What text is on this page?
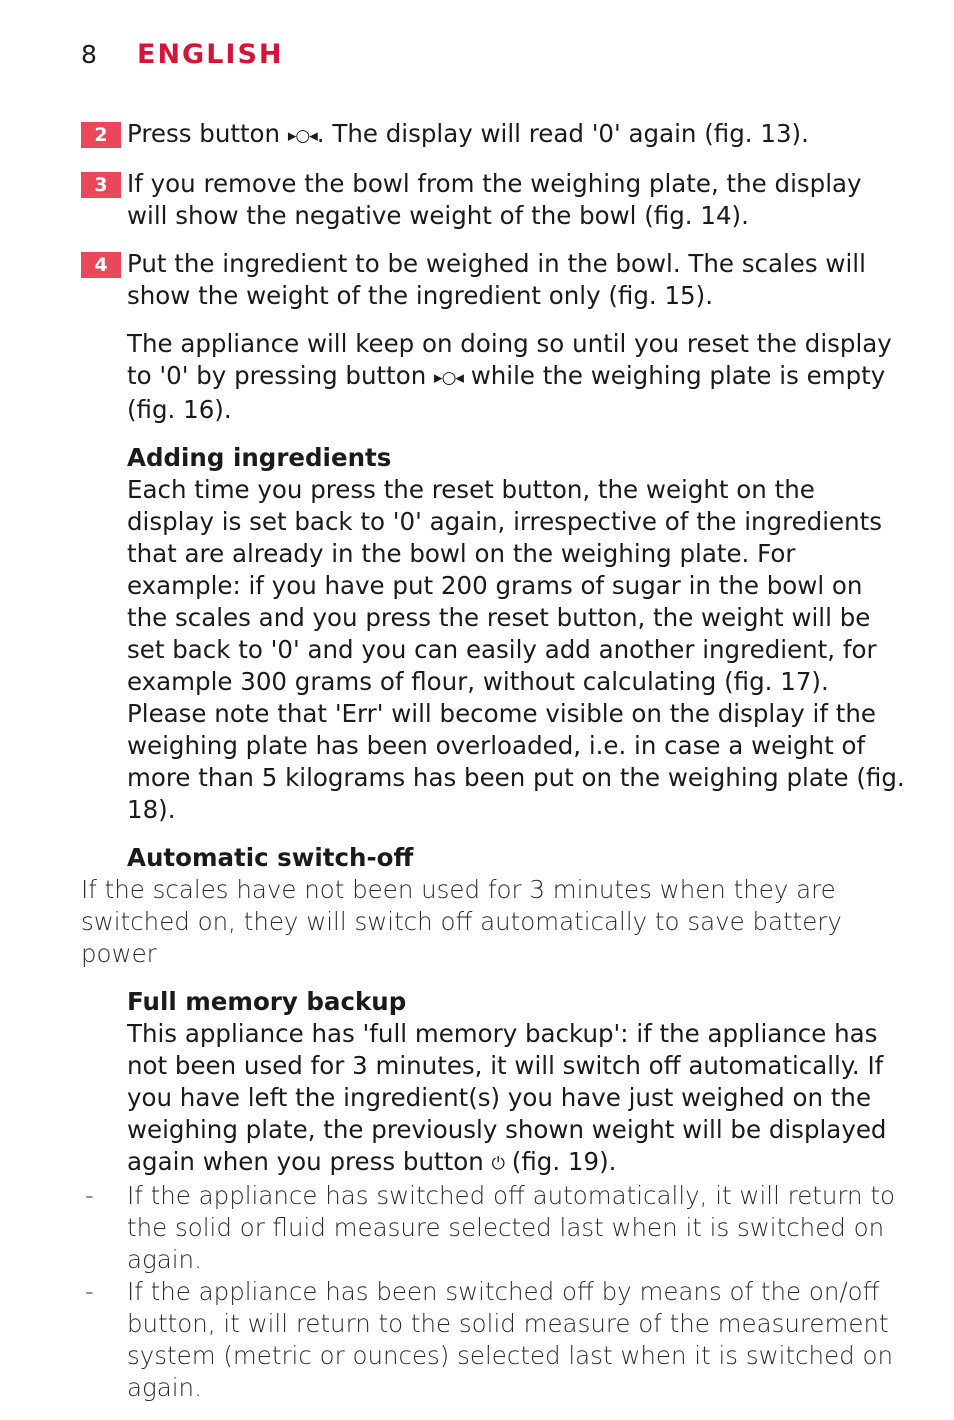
8	ENGLISH
2 Press button ▸○◂. The display will read '0' again (fig. 13).
3 If you remove the bowl from the weighing plate, the display will show the negative weight of the bowl (fig. 14).
4 Put the ingredient to be weighed in the bowl. The scales will show the weight of the ingredient only (fig. 15).

The appliance will keep on doing so until you reset the display to '0' by pressing button ▸○◂ while the weighing plate is empty (fig. 16).

Adding ingredients

Each time you press the reset button, the weight on the display is set back to '0' again, irrespective of the ingredients that are already in the bowl on the weighing plate. For example: if you have put 200 grams of sugar in the bowl on the scales and you press the reset button, the weight will be set back to '0' and you can easily add another ingredient, for example 300 grams of flour, without calculating (fig. 17).

Please note that 'Err' will become visible on the display if the weighing plate has been overloaded, i.e. in case a weight of more than 5 kilograms has been put on the weighing plate (fig. 18).

Automatic switch-off

If the scales have not been used for 3 minutes when they are switched on, they will switch off automatically to save battery power

Full memory backup

This appliance has 'full memory backup': if the appliance has not been used for 3 minutes, it will switch off automatically. If you have left the ingredient(s) you have just weighed on the weighing plate, the previously shown weight will be displayed again when you press button ⏻ (fig. 19).

- If the appliance has switched off automatically, it will return to the solid or fluid measure selected last when it is switched on again.
- If the appliance has been switched off by means of the on/off button, it will return to the solid measure of the measurement system (metric or ounces) selected last when it is switched on again.
